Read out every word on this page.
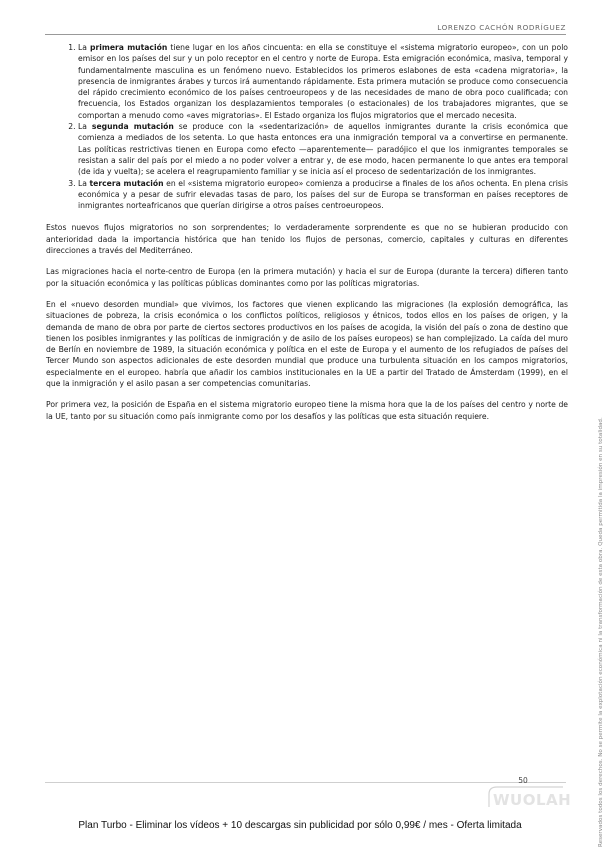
LORENZO CACHÓN RODRÍGUEZ
1. La primera mutación tiene lugar en los años cincuenta: en ella se constituye el «sistema migratorio europeo», con un polo emisor en los países del sur y un polo receptor en el centro y norte de Europa. Esta emigración económica, masiva, temporal y fundamentalmente masculina es un fenómeno nuevo. Establecidos los primeros eslabones de esta «cadena migratoria», la presencia de inmigrantes árabes y turcos irá aumentando rápidamente. Esta primera mutación se produce como consecuencia del rápido crecimiento económico de los países centroeuropeos y de las necesidades de mano de obra poco cualificada; con frecuencia, los Estados organizan los desplazamientos temporales (o estacionales) de los trabajadores migrantes, que se comportan a menudo como «aves migratorias». El Estado organiza los flujos migratorios que el mercado necesita.
2. La segunda mutación se produce con la «sedentarización» de aquellos inmigrantes durante la crisis económica que comienza a mediados de los setenta. Lo que hasta entonces era una inmigración temporal va a convertirse en permanente. Las políticas restrictivas tienen en Europa como efecto —aparentemente— paradójico el que los inmigrantes temporales se resistan a salir del país por el miedo a no poder volver a entrar y, de ese modo, hacen permanente lo que antes era temporal (de ida y vuelta); se acelera el reagrupamiento familiar y se inicia así el proceso de sedentarización de los inmigrantes.
3. La tercera mutación en el «sistema migratorio europeo» comienza a producirse a finales de los años ochenta. En plena crisis económica y a pesar de sufrir elevadas tasas de paro, los países del sur de Europa se transforman en países receptores de inmigrantes norteafricanos que querían dirigirse a otros países centroeuropeos.

Estos nuevos flujos migratorios no son sorprendentes; lo verdaderamente sorprendente es que no se hubieran producido con anterioridad dada la importancia histórica que han tenido los flujos de personas, comercio, capitales y culturas en diferentes direcciones a través del Mediterráneo.

Las migraciones hacia el norte-centro de Europa (en la primera mutación) y hacia el sur de Europa (durante la tercera) difieren tanto por la situación económica y las políticas públicas dominantes como por las políticas migratorias.

En el «nuevo desorden mundial» que vivimos, los factores que vienen explicando las migraciones (la explosión demográfica, las situaciones de pobreza, la crisis económica o los conflictos políticos, religiosos y étnicos, todos ellos en los países de origen, y la demanda de mano de obra por parte de ciertos sectores productivos en los países de acogida, la visión del país o zona de destino que tienen los posibles inmigrantes y las políticas de inmigración y de asilo de los países europeos) se han complejizado. La caída del muro de Berlín en noviembre de 1989, la situación económica y política en el este de Europa y el aumento de los refugiados de países del Tercer Mundo son aspectos adicionales de este desorden mundial que produce una turbulenta situación en los campos migratorios, especialmente en el europeo. habría que añadir los cambios institucionales en la UE a partir del Tratado de Ámsterdam (1999), en el que la inmigración y el asilo pasan a ser competencias comunitarias.

Por primera vez, la posición de España en el sistema migratorio europeo tiene la misma hora que la de los países del centro y norte de la UE, tanto por su situación como país inmigrante como por los desafíos y las políticas que esta situación requiere.

Reservados todos los derechos. No se permite la explotación económica ni la transformación de esta obra. Queda permitida la impresión en su totalidad.
50
WUOLAH
Plan Turbo - Eliminar los vídeos + 10 descargas sin publicidad por sólo 0,99€ / mes - Oferta limitada
